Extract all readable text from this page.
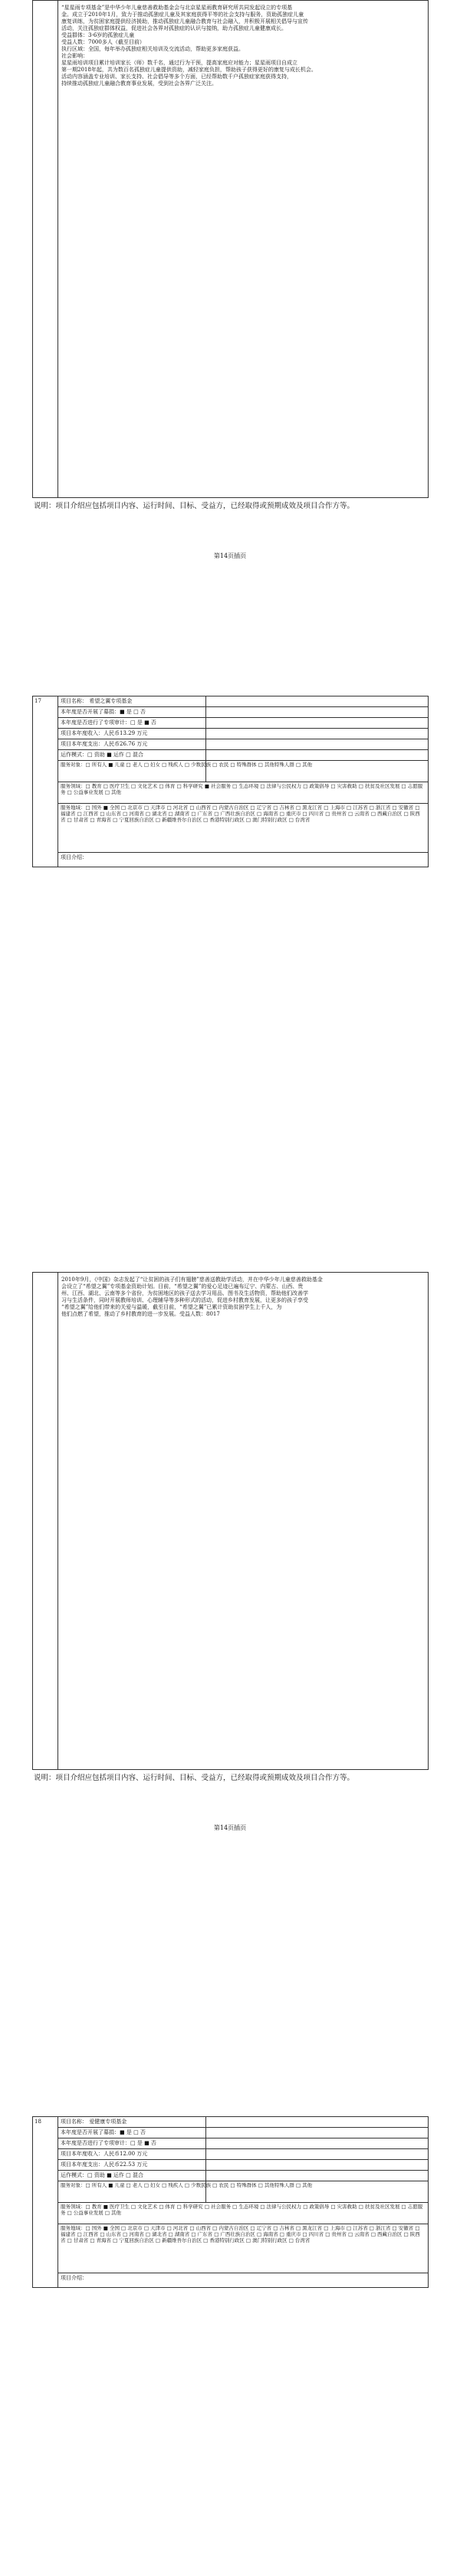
“星星雨专项基金”是中华少年儿童慈善救助基金会与北京星星雨教育研究所共同发起设立的专项基
金。成立于2010年1月，致力于推动孤独症儿童及其家庭获得平等的社会支持与服务，资助孤独症儿童
康复训练，为贫困家庭提供经济援助，推动孤独症儿童融合教育与社会融入，并积极开展相关倡导与宣传
活动，关注孤独症群体权益，促进社会各界对孤独症的认识与接纳，助力孤独症儿童健康成长。
受益群体：3-6岁的孤独症儿童
受益人数：7000多人（截至目前）
执行区域：全国，每年举办孤独症相关培训及交流活动，帮助更多家庭获益。
社会影响：
星星雨培训项目累计培训家长（师）数千名，通过行为干预，提高家庭应对能力；星星雨项目自成立
第一期2018年起，共为数百名孤独症儿童提供资助，减轻家庭负担，帮助孩子获得更好的康复与成长机会。
活动内容涵盖专业培训、家长支持、社会倡导等多个方面，已经帮助数千户孤独症家庭获得支持，
持续推动孤独症儿童融合教育事业发展，受到社会各界广泛关注。
说明：项目介绍应包括项目内容、运行时间、目标、受益方，已经取得或预期成效及项目合作方等。
第14页插页
17	项目名称： 希望之翼专项基金
本年度是否开展了募捐：■ 是 □ 否
本年度是否进行了专项审计：□ 是 ■ 否
项目本年度收入：人民币13.29 万元
项目本年度支出：人民币26.76 万元
运作模式：□ 资助 ■ 运作 □ 混合
服务对象：□ 所有人 ■ 儿童 □ 老人 □ 妇女 □ 残疾人 □ 少数民族 □ 农民 □ 特殊群体 □ 其他特殊人群 □ 其他
服务领域：□ 教育 □ 医疗卫生 □ 文化艺术 □ 体育 □ 科学研究 ■ 社会服务 □ 生态环境 □ 法律与公民权力 □ 政策倡导 □ 灾害救助 □ 扶贫及社区发展 □ 志愿服务 □ 公益事业发展 □ 其他
服务地域：□ 国外 ■ 全国 □ 北京市 □ 天津市 □ 河北省 □ 山西省 □ 内蒙古自治区 □ 辽宁省 □ 吉林省 □ 黑龙江省 □ 上海市 □ 江苏省 □ 浙江省 □ 安徽省 □ 福建省 □ 江西省 □ 山东省 □ 河南省 □ 湖北省 □ 湖南省 □ 广东省 □ 广西壮族自治区 □ 海南省 □ 重庆市 □ 四川省 □ 贵州省 □ 云南省 □ 西藏自治区 □ 陕西省 □ 甘肃省 □ 青海省 □ 宁夏回族自治区 □ 新疆维吾尔自治区 □ 香港特别行政区 □ 澳门特别行政区 □ 台湾省
项目介绍：
2010年9月，《中国》杂志发起了“让贫困的孩子们有翅膀”慈善送教助学活动，并在中华少年儿童慈善救助基金
会设立了“希望之翼”专项基金资助计划。目前，“希望之翼”的爱心足迹已遍布辽宁、内蒙古、山西、贵
州、江西、湖北、云南等多个省份，为贫困地区的孩子送去学习用品、图书及生活物资，帮助他们改善学
习与生活条件，同时开展教师培训、心理辅导等多种形式的活动，促进乡村教育发展，让更多的孩子享受
“希望之翼”给他们带来的关爱与温暖，截至目前，“希望之翼”已累计资助贫困学生上千人，为
他们点燃了希望，推动了乡村教育的进一步发展。受益人数：8017
说明：项目介绍应包括项目内容、运行时间、目标、受益方，已经取得或预期成效及项目合作方等。
第14页插页
18	项目名称： 爱健康专项基金
本年度是否开展了募捐：■ 是 □ 否
本年度是否进行了专项审计：□ 是 ■ 否
项目本年度收入：人民币12.00 万元
项目本年度支出：人民币22.53 万元
运作模式：□ 资助 ■ 运作 □ 混合
服务对象：□ 所有人 ■ 儿童 □ 老人 □ 妇女 □ 残疾人 □ 少数民族 □ 农民 □ 特殊群体 □ 其他特殊人群 □ 其他
服务领域：□ 教育 ■ 医疗卫生 □ 文化艺术 □ 体育 □ 科学研究 □ 社会服务 □ 生态环境 □ 法律与公民权力 □ 政策倡导 □ 灾害救助 □ 扶贫及社区发展 □ 志愿服务 □ 公益事业发展 □ 其他
服务地域：□ 国外 ■ 全国 □ 北京市 □ 天津市 □ 河北省 □ 山西省 □ 内蒙古自治区 □ 辽宁省 □ 吉林省 □ 黑龙江省 □ 上海市 □ 江苏省 □ 浙江省 □ 安徽省 □ 福建省 □ 江西省 □ 山东省 □ 河南省 □ 湖北省 □ 湖南省 □ 广东省 □ 广西壮族自治区 □ 海南省 □ 重庆市 □ 四川省 □ 贵州省 □ 云南省 □ 西藏自治区 □ 陕西省 □ 甘肃省 □ 青海省 □ 宁夏回族自治区 □ 新疆维吾尔自治区 □ 香港特别行政区 □ 澳门特别行政区 □ 台湾省
项目介绍：
